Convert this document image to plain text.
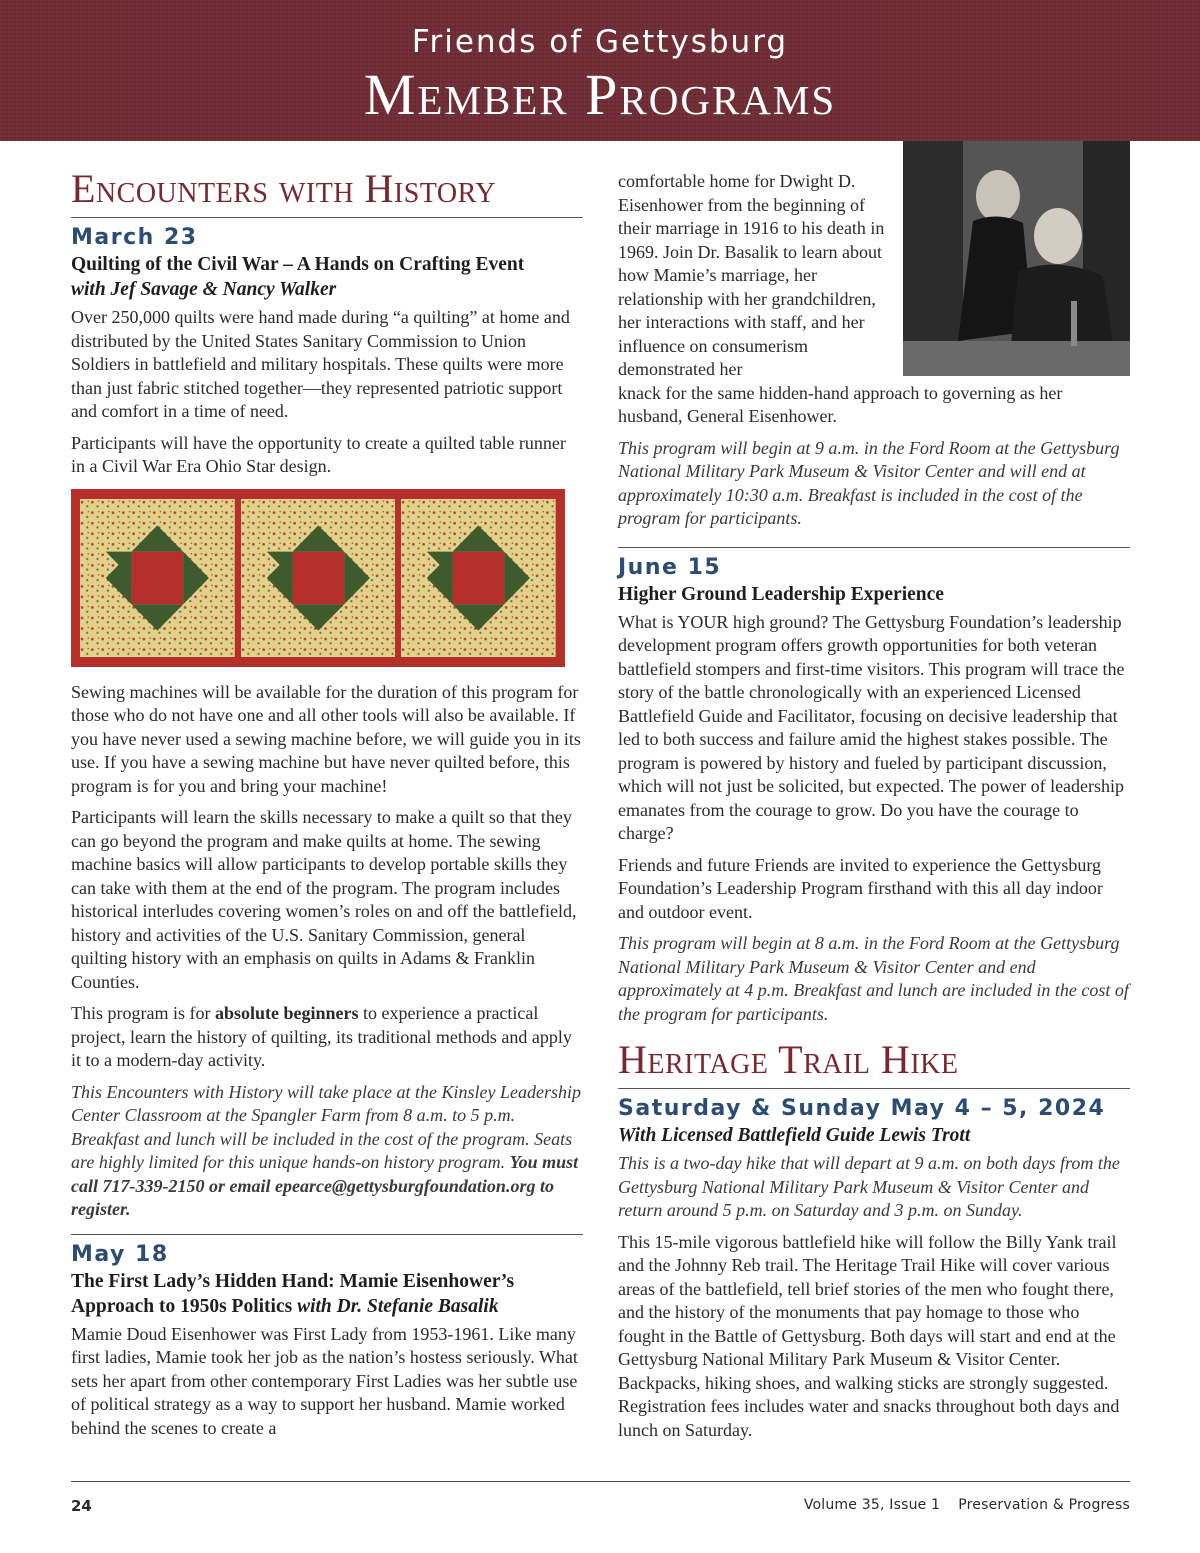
Friends of Gettysburg
Member Programs
Encounters with History
March 23
Quilting of the Civil War – A Hands on Crafting Event
with Jef Savage & Nancy Walker

Over 250,000 quilts were hand made during “a quilting” at home and distributed by the United States Sanitary Commission to Union Soldiers in battlefield and military hospitals. These quilts were more than just fabric stitched together—they represented patriotic support and comfort in a time of need.

Participants will have the opportunity to create a quilted table runner in a Civil War Era Ohio Star design.

Sewing machines will be available for the duration of this program for those who do not have one and all other tools will also be available. If you have never used a sewing machine before, we will guide you in its use. If you have a sewing machine but have never quilted before, this program is for you and bring your machine!

Participants will learn the skills necessary to make a quilt so that they can go beyond the program and make quilts at home. The sewing machine basics will allow participants to develop portable skills they can take with them at the end of the program. The program includes historical interludes covering women’s roles on and off the battlefield, history and activities of the U.S. Sanitary Commission, general quilting history with an emphasis on quilts in Adams & Franklin Counties.

This program is for absolute beginners to experience a practical project, learn the history of quilting, its traditional methods and apply it to a modern-day activity.

This Encounters with History will take place at the Kinsley Leadership Center Classroom at the Spangler Farm from 8 a.m. to 5 p.m. Breakfast and lunch will be included in the cost of the program. Seats are highly limited for this unique hands-on history program. You must call 717-339-2150 or email epearce@gettysburgfoundation.org to register.

May 18
The First Lady’s Hidden Hand: Mamie Eisenhower’s Approach to 1950s Politics with Dr. Stefanie Basalik

Mamie Doud Eisenhower was First Lady from 1953-1961. Like many first ladies, Mamie took her job as the nation’s hostess seriously. What sets her apart from other contemporary First Ladies was her subtle use of political strategy as a way to support her husband. Mamie worked behind the scenes to create a

comfortable home for Dwight D. Eisenhower from the beginning of their marriage in 1916 to his death in 1969. Join Dr. Basalik to learn about how Mamie’s marriage, her relationship with her grandchildren, her interactions with staff, and her influence on consumerism demonstrated her

knack for the same hidden-hand approach to governing as her husband, General Eisenhower.

This program will begin at 9 a.m. in the Ford Room at the Gettysburg National Military Park Museum & Visitor Center and will end at approximately 10:30 a.m. Breakfast is included in the cost of the program for participants.

June 15
Higher Ground Leadership Experience

What is YOUR high ground? The Gettysburg Foundation’s leadership development program offers growth opportunities for both veteran battlefield stompers and first-time visitors. This program will trace the story of the battle chronologically with an experienced Licensed Battlefield Guide and Facilitator, focusing on decisive leadership that led to both success and failure amid the highest stakes possible. The program is powered by history and fueled by participant discussion, which will not just be solicited, but expected. The power of leadership emanates from the courage to grow. Do you have the courage to charge?

Friends and future Friends are invited to experience the Gettysburg Foundation’s Leadership Program firsthand with this all day indoor and outdoor event.

This program will begin at 8 a.m. in the Ford Room at the Gettysburg National Military Park Museum & Visitor Center and end approximately at 4 p.m. Breakfast and lunch are included in the cost of the program for participants.

Heritage Trail Hike
Saturday & Sunday May 4 – 5, 2024
With Licensed Battlefield Guide Lewis Trott

This is a two-day hike that will depart at 9 a.m. on both days from the Gettysburg National Military Park Museum & Visitor Center and return around 5 p.m. on Saturday and 3 p.m. on Sunday.

This 15-mile vigorous battlefield hike will follow the Billy Yank trail and the Johnny Reb trail. The Heritage Trail Hike will cover various areas of the battlefield, tell brief stories of the men who fought there, and the history of the monuments that pay homage to those who fought in the Battle of Gettysburg. Both days will start and end at the Gettysburg National Military Park Museum & Visitor Center. Backpacks, hiking shoes, and walking sticks are strongly suggested. Registration fees includes water and snacks throughout both days and lunch on Saturday.

24	Volume 35, Issue 1 Preservation & Progress
